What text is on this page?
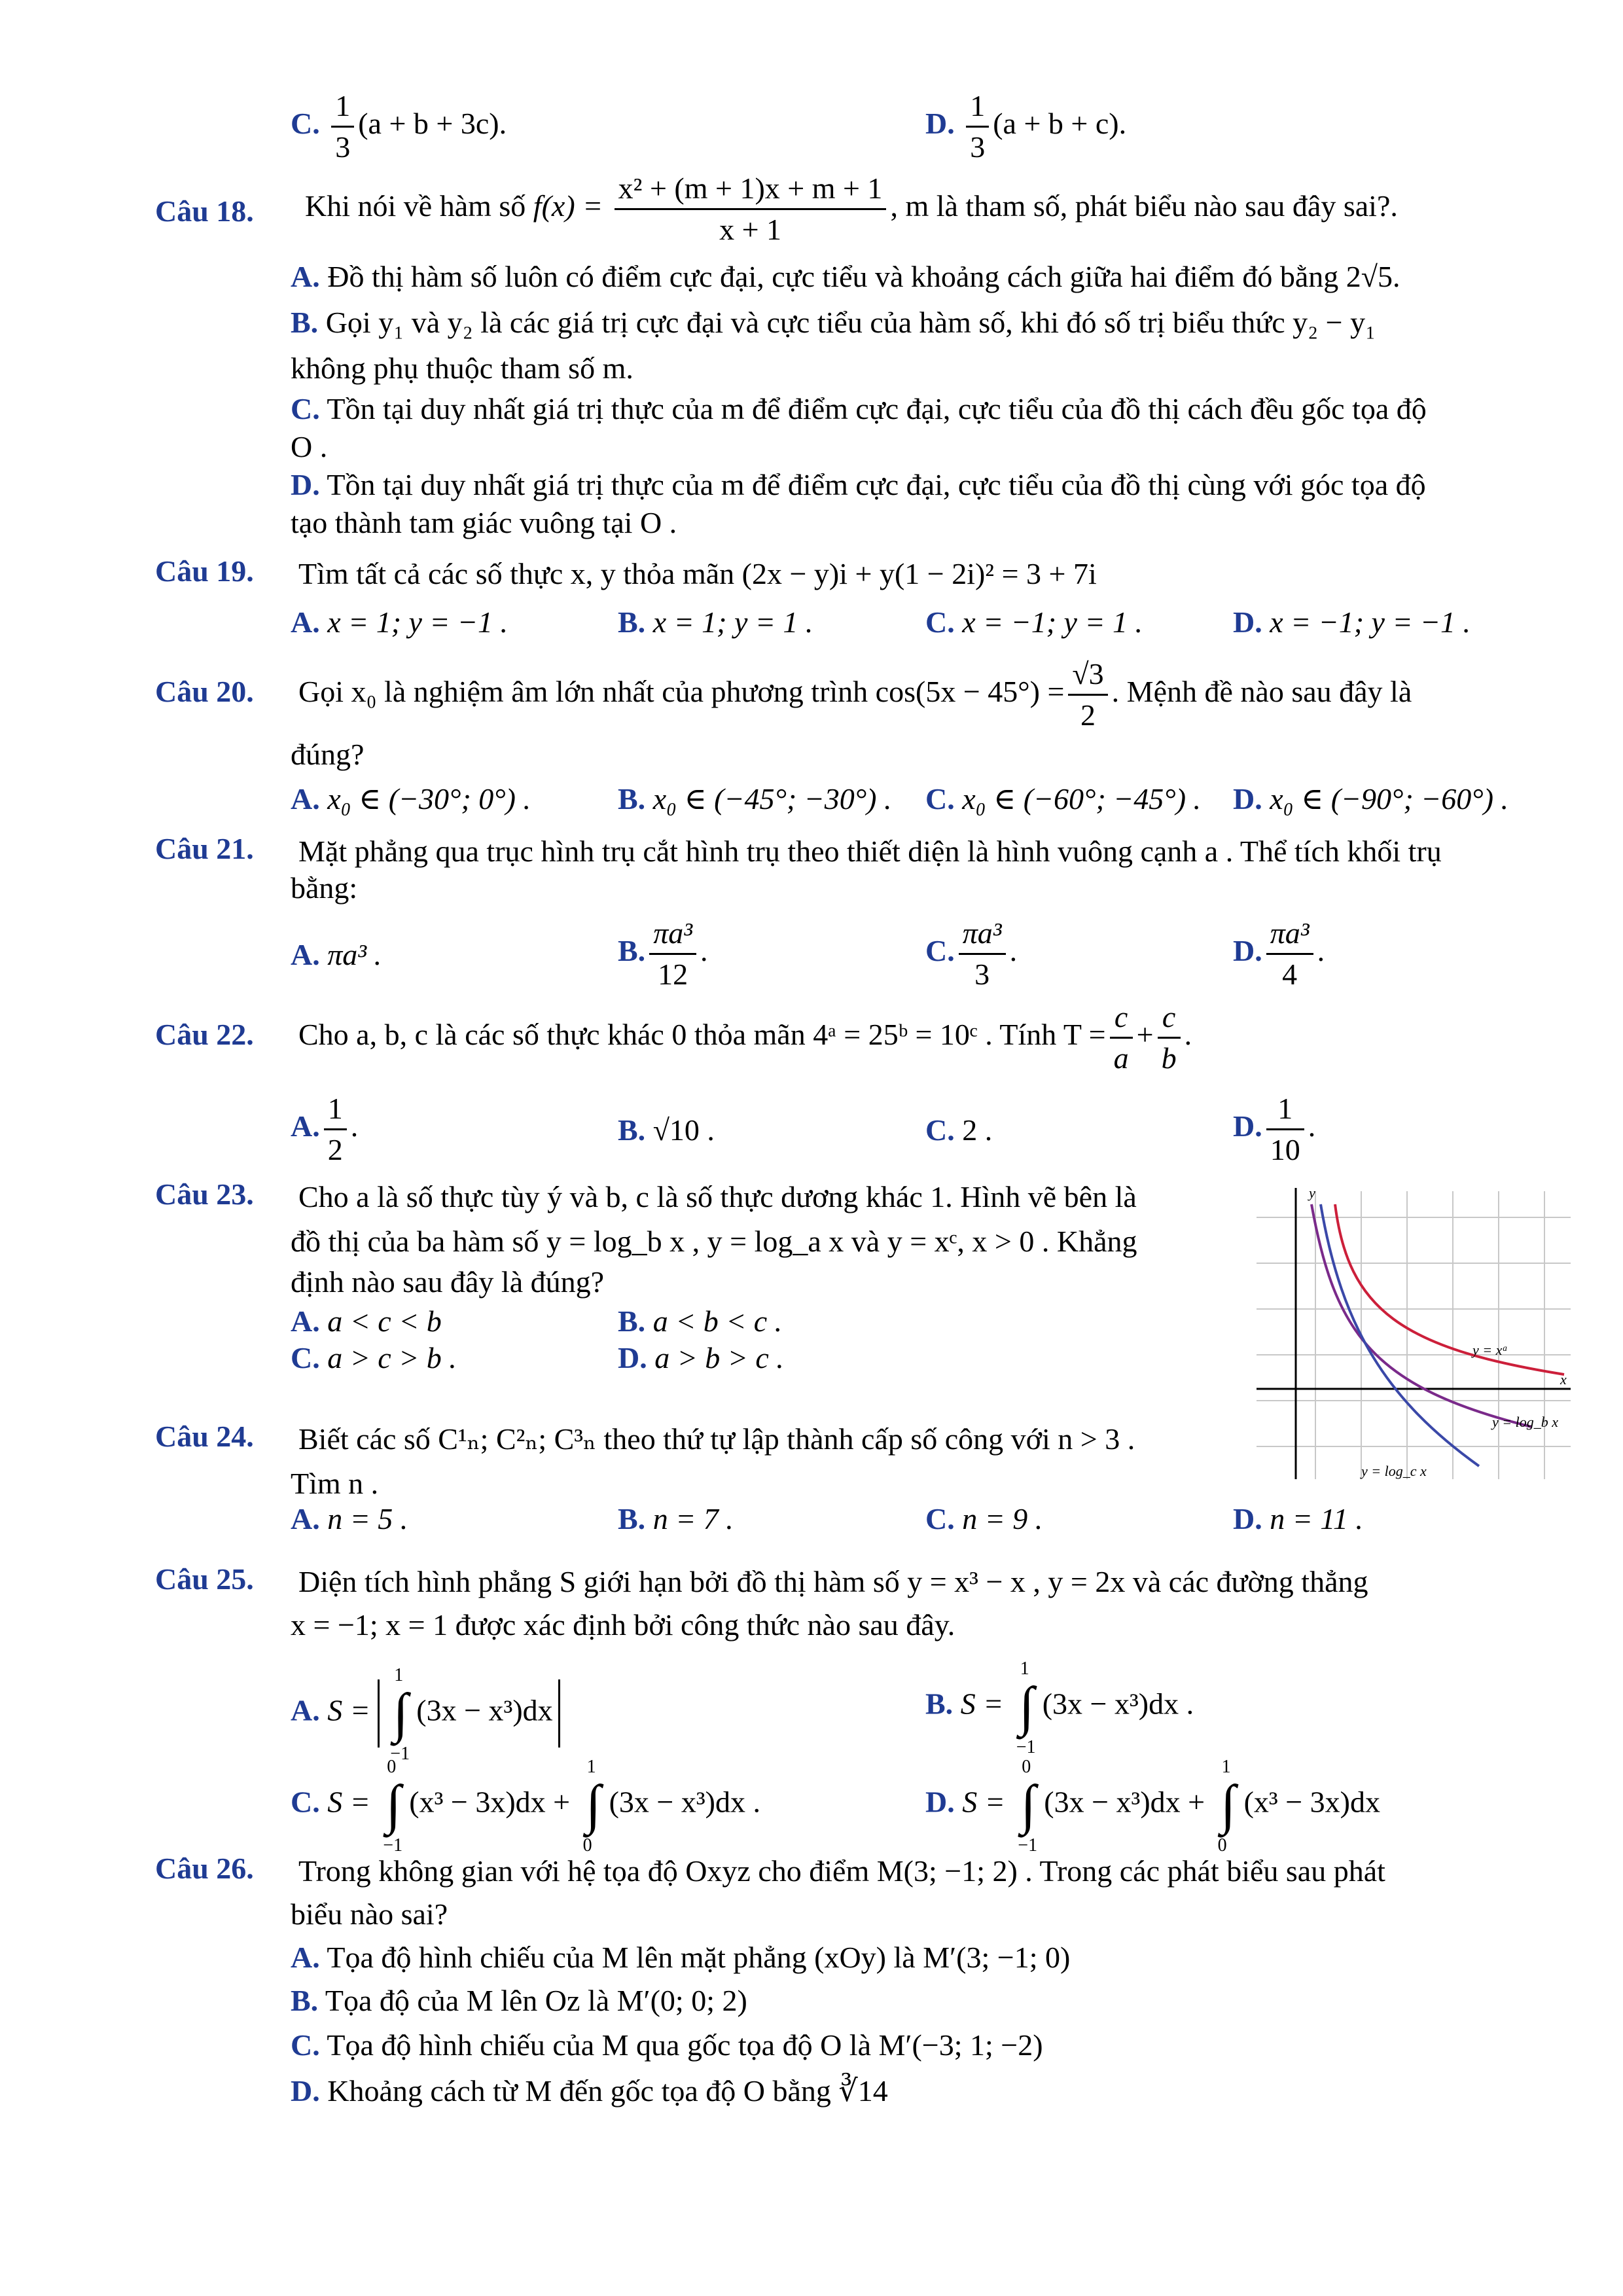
C. $\frac{1}{3} (a + b + 3c)$.	D. $\frac{1}{3} (a + b + c)$.
Câu 18. Khi nói về hàm số $f(x) = \frac{\text{x² + (m + 1)x + m + 1}}{x + 1}$ , m là tham số, phát biểu nào sau đây sai?.
A. Đồ thị hàm số luôn có điểm cực đại, cực tiểu và khoảng cách giữa hai điểm đó bằng 2√5.
B. Gọi y₁ và y₂ là các giá trị cực đại và cực tiểu của hàm số, khi đó số trị biểu thức y₂ − y₁
không phụ thuộc tham số m.
C. Tồn tại duy nhất giá trị thực của m để điểm cực đại, cực tiểu của đồ thị cách đều gốc tọa độ
O .
D. Tồn tại duy nhất giá trị thực của m để điểm cực đại, cực tiểu của đồ thị cùng với góc tọa độ
tạo thành tam giác vuông tại O .
Câu 19. Tìm tất cả các số thực x, y thỏa mãn (2x − y)i + y(1 − 2i)² = 3 + 7i
A. x = 1; y = −1 .	B. x = 1; y = 1 .	C. x = −1; y = 1 .	D. x = −1; y = −1 .
Câu 20. Gọi x₀ là nghiệm âm lớn nhất của phương trình $\cos(5x - 45^\circ) = \frac{√3}{2}$ . Mệnh đề nào sau đây là
đúng?
A. x₀ ∈ (−30°; 0°) .	B. x₀ ∈ (−45°; −30°) . C. x₀ ∈ (−60°; −45°) . D. x₀ ∈ (−90°; −60°) .
Câu 21. Mặt phẳng qua trục hình trụ cắt hình trụ theo thiết diện là hình vuông cạnh a . Thể tích khối trụ
bằng:
A. πa³ .	B. $\frac{\text{πa³}}{12}$ .	C. $\frac{\text{πa³}}{3}$ .	D. $\frac{\text{πa³}}{4}$ .
Câu 22. Cho a, b, c là các số thực khác 0 thỏa mãn 4ᵃ = 25ᵇ = 10ᶜ . Tính $T = \frac{c}{a} + \frac{c}{b}$ .
A. $\frac{1}{2}$ .	B. √10 .	C. 2 .	D. $\frac{1}{10}$ .
Câu 23. Cho a là số thực tùy ý và b, c là số thực dương khác 1. Hình vẽ bên là
đồ thị của ba hàm số y = log_b x , y = log_a x và y = xᶜ, x > 0 . Khẳng
định nào sau đây là đúng?
A. a < c < b	B. a < b < c .
C. a > c > b .	D. a > b > c .
y
x
y = xᵃ
y = log_b x
y = log_c x
Câu 24. Biết các số C¹ₙ; C²ₙ; C³ₙ theo thứ tự lập thành cấp số công với n > 3 .
Tìm n .
A. n = 5 .	B. n = 7 .	C. n = 9 .	D. n = 11 .
Câu 25. Diện tích hình phẳng S giới hạn bởi đồ thị hàm số y = x³ − x , y = 2x và các đường thẳng
x = −1; x = 1 được xác định bởi công thức nào sau đây.
A. S =
1
∫
−1
(3x − x³)dx	B. S =
1
∫
−1
(3x − x³)dx .
C. S =
0
∫
−1
(x³ − 3x)dx +
1
∫
0
(3x − x³)dx .	D. S =
0
∫
−1
(3x − x³)dx +
1
∫
0
(x³ − 3x)dx
Câu 26. Trong không gian với hệ tọa độ Oxyz cho điểm M(3; −1; 2) . Trong các phát biểu sau phát
biểu nào sai?
A. Tọa độ hình chiếu của M lên mặt phẳng (xOy) là M′(3; −1; 0)
B. Tọa độ của M lên Oz là M′(0; 0; 2)
C. Tọa độ hình chiếu của M qua gốc tọa độ O là M′(−3; 1; −2)
D. Khoảng cách từ M đến gốc tọa độ O bằng ∛14
